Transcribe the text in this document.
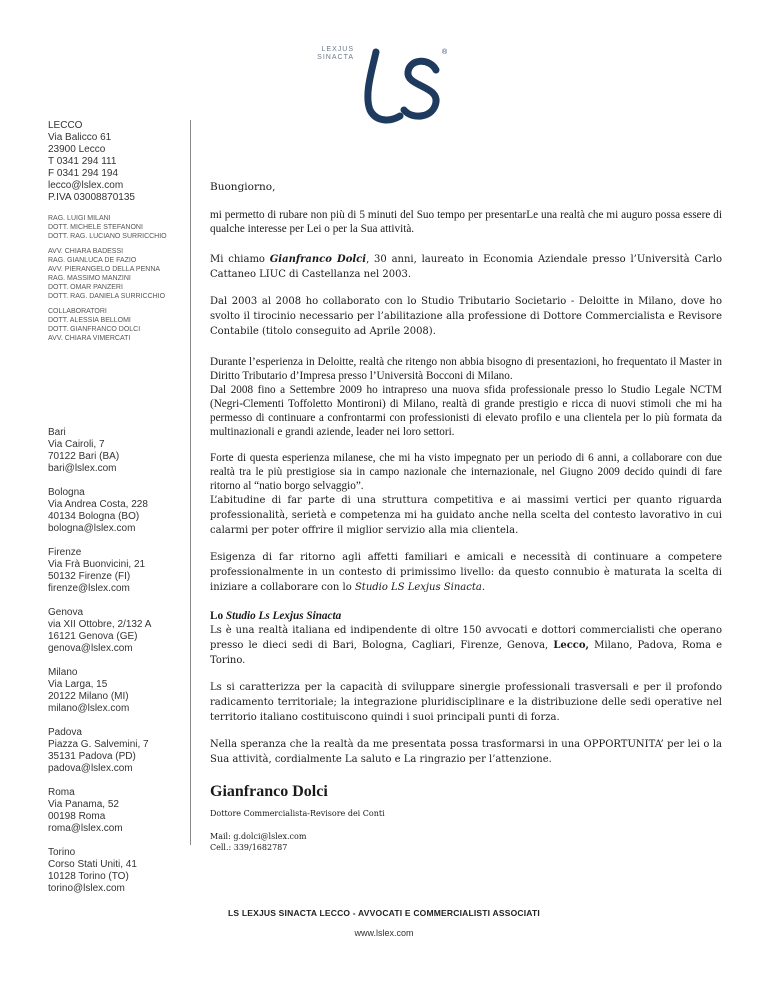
LEXJUS
SINACTA
®
LECCO
Via Balicco 61
23900 Lecco
T 0341 294 111
F 0341 294 194
lecco@lslex.com
P.IVA 03008870135
RAG. LUIGI MILANI
DOTT. MICHELE STEFANONI
DOTT. RAG. LUCIANO SURRICCHIO
AVV. CHIARA BADESSI
RAG. GIANLUCA DE FAZIO
AVV. PIERANGELO DELLA PENNA
RAG. MASSIMO MANZINI
DOTT. OMAR PANZERI
DOTT. RAG. DANIELA SURRICCHIO
COLLABORATORI
DOTT. ALESSIA BELLOMI
DOTT. GIANFRANCO DOLCI
AVV. CHIARA VIMERCATI
Bari
Via Cairoli, 7
70122 Bari (BA)
bari@lslex.com
Bologna
Via Andrea Costa, 228
40134 Bologna (BO)
bologna@lslex.com
Firenze
Via Frà Buonvicini, 21
50132 Firenze (FI)
firenze@lslex.com
Genova
via XII Ottobre, 2/132 A
16121 Genova (GE)
genova@lslex.com
Milano
Via Larga, 15
20122 Milano (MI)
milano@lslex.com
Padova
Piazza G. Salvemini, 7
35131 Padova (PD)
padova@lslex.com
Roma
Via Panama, 52
00198 Roma
roma@lslex.com
Torino
Corso Stati Uniti, 41
10128 Torino (TO)
torino@lslex.com

Buongiorno,

mi permetto di rubare non più di 5 minuti del Suo tempo per presentarLe una realtà che mi auguro possa essere di qualche interesse per Lei o per la Sua attività.

Mi chiamo Gianfranco Dolci, 30 anni, laureato in Economia Aziendale presso l’Università Carlo Cattaneo LIUC di Castellanza nel 2003.

Dal 2003 al 2008 ho collaborato con lo Studio Tributario Societario - Deloitte in Milano, dove ho svolto il tirocinio necessario per l’abilitazione alla professione di Dottore Commercialista e Revisore Contabile (titolo conseguito ad Aprile 2008).

Durante l’esperienza in Deloitte, realtà che ritengo non abbia bisogno di presentazioni, ho frequentato il Master in Diritto Tributario d’Impresa presso l’Università Bocconi di Milano.
Dal 2008 fino a Settembre 2009 ho intrapreso una nuova sfida professionale presso lo Studio Legale NCTM (Negri-Clementi Toffoletto Montironi) di Milano, realtà di grande prestigio e ricca di nuovi stimoli che mi ha permesso di continuare a confrontarmi con professionisti di elevato profilo e una clientela per lo più formata da multinazionali e grandi aziende, leader nei loro settori.

Forte di questa esperienza milanese, che mi ha visto impegnato per un periodo di 6 anni, a collaborare con due realtà tra le più prestigiose sia in campo nazionale che internazionale, nel Giugno 2009 decido quindi di fare ritorno al “natio borgo selvaggio”.
L’abitudine di far parte di una struttura competitiva e ai massimi vertici per quanto riguarda professionalità, serietà e competenza mi ha guidato anche nella scelta del contesto lavorativo in cui calarmi per poter offrire il miglior servizio alla mia clientela.

Esigenza di far ritorno agli affetti familiari e amicali e necessità di continuare a competere professionalmente in un contesto di primissimo livello: da questo connubio è maturata la scelta di iniziare a collaborare con lo Studio LS Lexjus Sinacta.

Lo Studio Ls Lexjus Sinacta
Ls è una realtà italiana ed indipendente di oltre 150 avvocati e dottori commercialisti che operano presso le dieci sedi di Bari, Bologna, Cagliari, Firenze, Genova, Lecco, Milano, Padova, Roma e Torino.

Ls si caratterizza per la capacità di sviluppare sinergie professionali trasversali e per il profondo radicamento territoriale; la integrazione pluridisciplinare e la distribuzione delle sedi operative nel territorio italiano costituiscono quindi i suoi principali punti di forza.

Nella speranza che la realtà da me presentata possa trasformarsi in una OPPORTUNITA’ per lei o la Sua attività, cordialmente La saluto e La ringrazio per l’attenzione.

Gianfranco Dolci
Dottore Commercialista-Revisore dei Conti
Mail: g.dolci@lslex.com
Cell.: 339/1682787
LS LEXJUS SINACTA LECCO - AVVOCATI E COMMERCIALISTI ASSOCIATI
www.lslex.com
